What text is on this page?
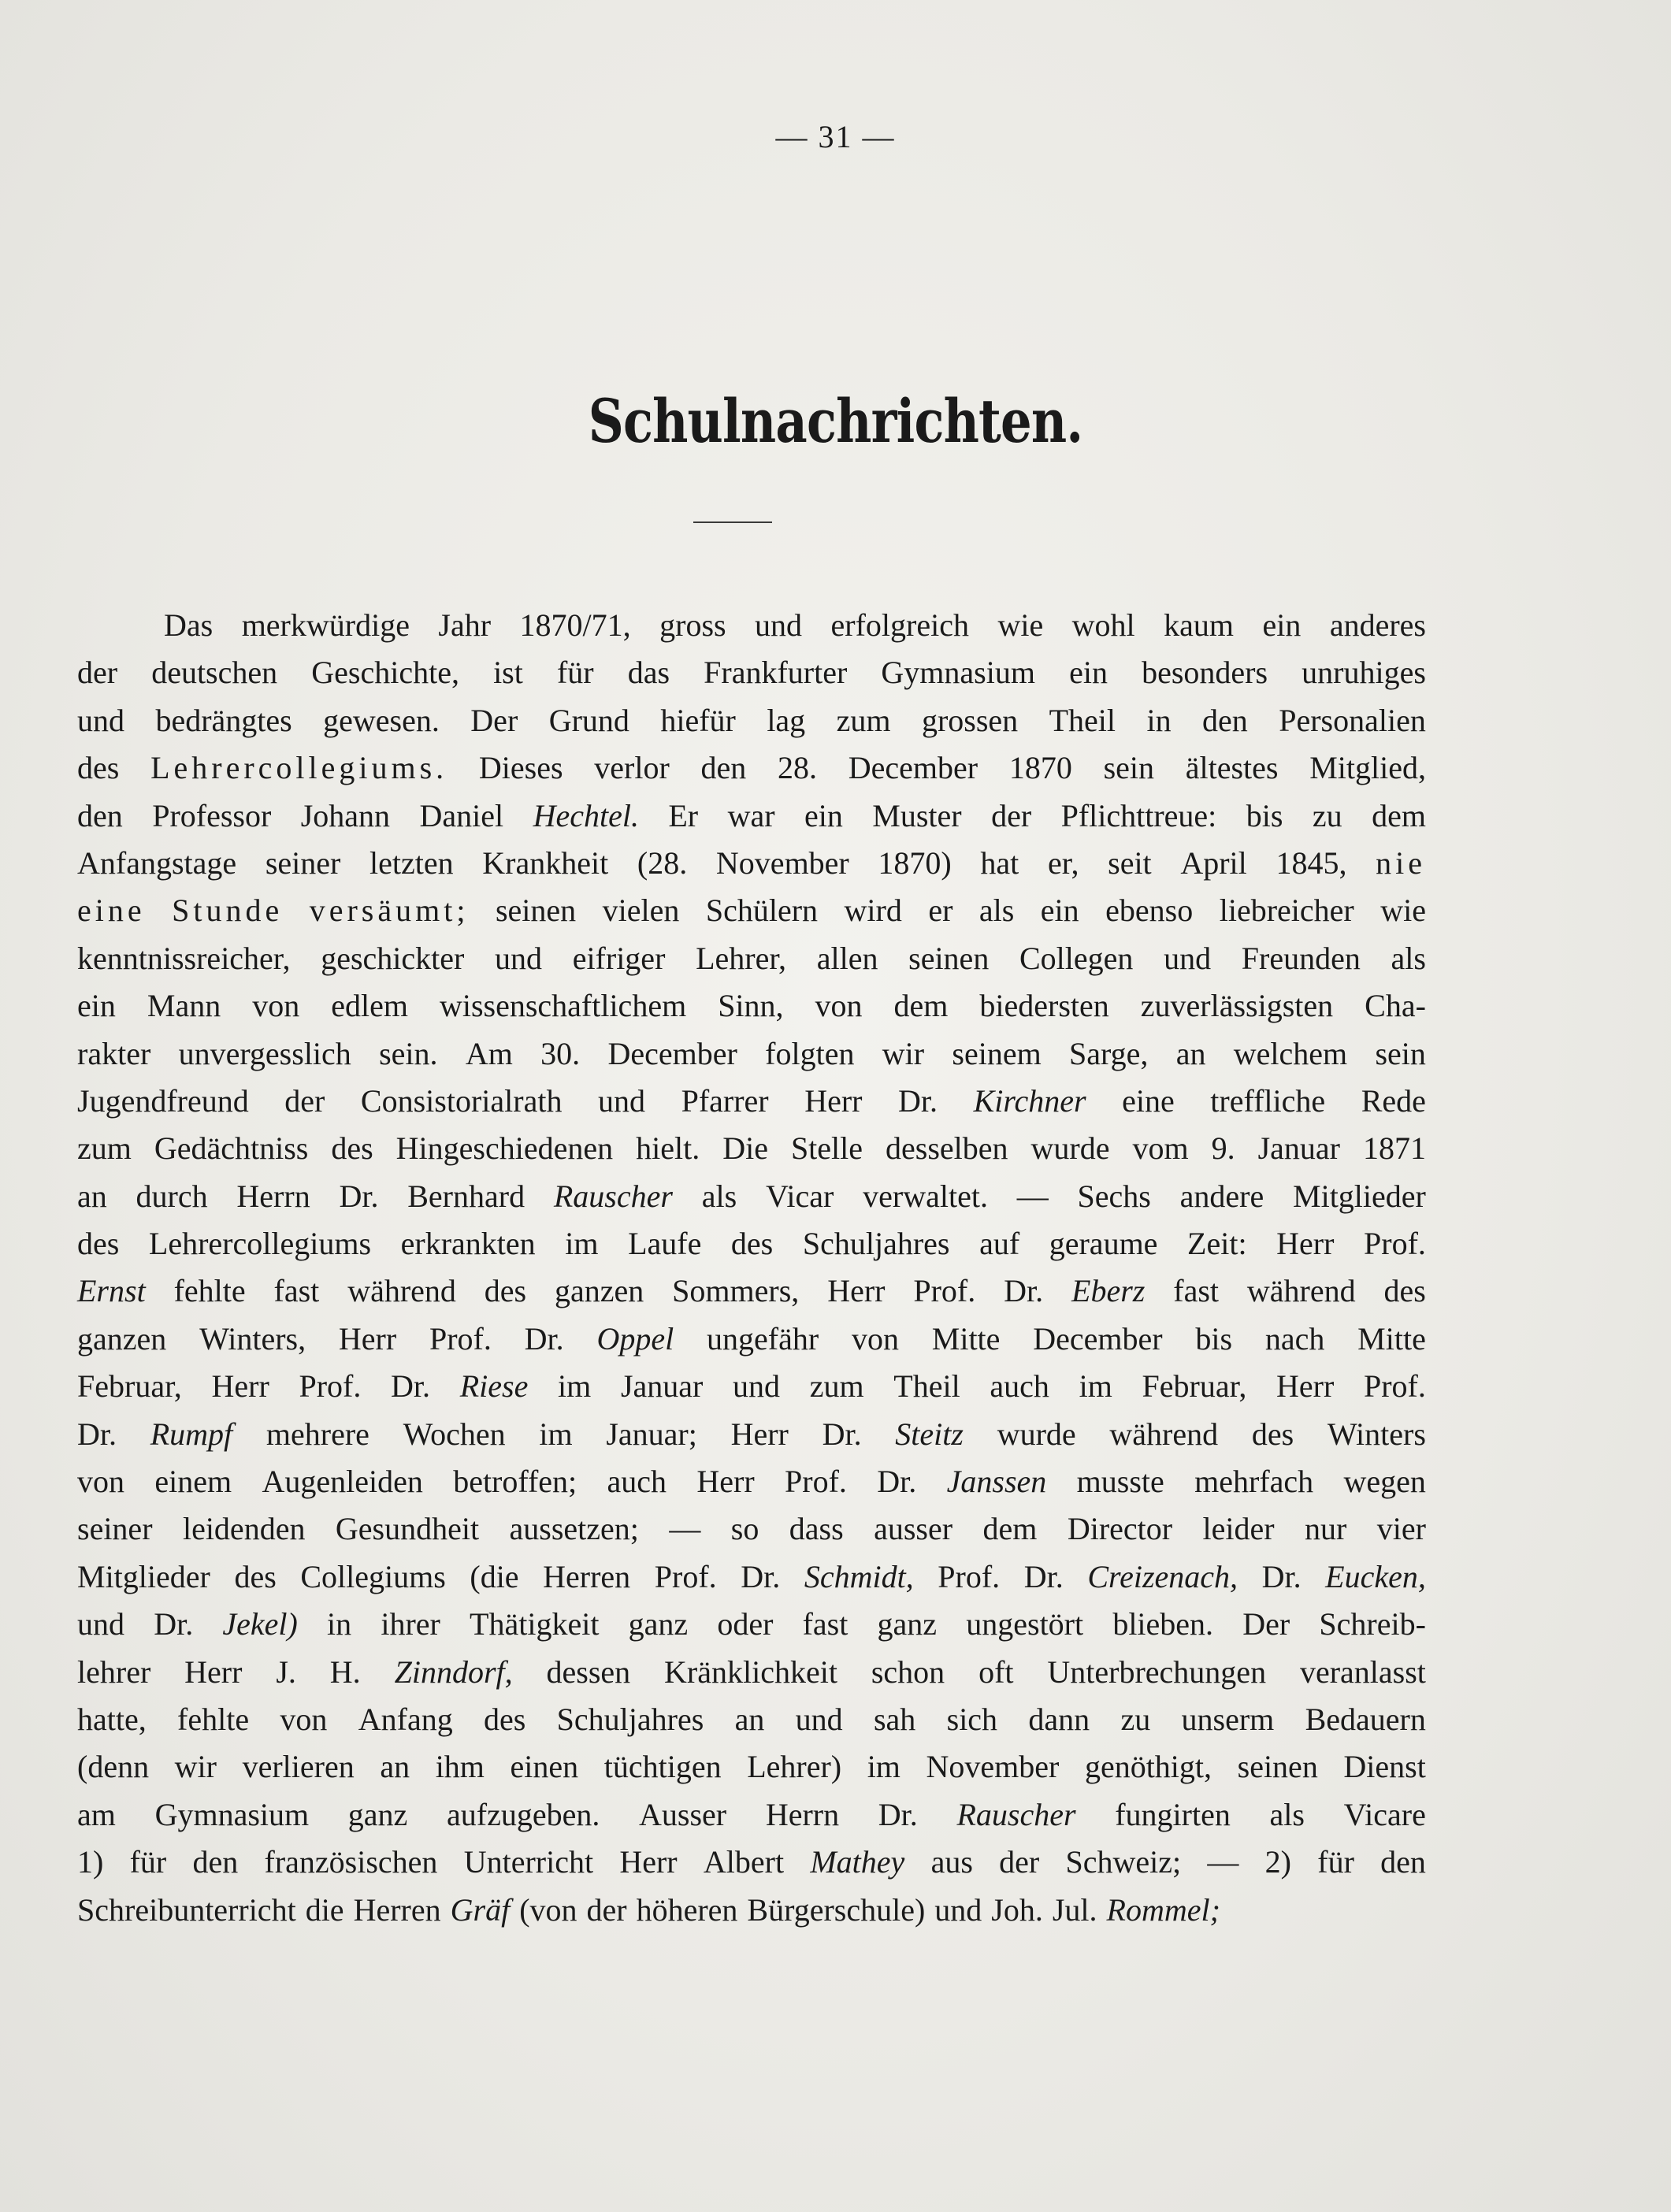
— 31 —
Schulnachrichten.
Das merkwürdige Jahr 1870/71, gross und erfolgreich wie wohl kaum ein anderes
der deutschen Geschichte, ist für das Frankfurter Gymnasium ein besonders unruhiges
und bedrängtes gewesen. Der Grund hiefür lag zum grossen Theil in den Personalien
des Lehrercollegiums. Dieses verlor den 28. December 1870 sein ältestes Mitglied,
den Professor Johann Daniel Hechtel. Er war ein Muster der Pflichttreue: bis zu dem
Anfangstage seiner letzten Krankheit (28. November 1870) hat er, seit April 1845, nie
eine Stunde versäumt; seinen vielen Schülern wird er als ein ebenso liebreicher wie
kenntnissreicher, geschickter und eifriger Lehrer, allen seinen Collegen und Freunden als
ein Mann von edlem wissenschaftlichem Sinn, von dem biedersten zuverlässigsten Cha-
rakter unvergesslich sein. Am 30. December folgten wir seinem Sarge, an welchem sein
Jugendfreund der Consistorialrath und Pfarrer Herr Dr. Kirchner eine treffliche Rede
zum Gedächtniss des Hingeschiedenen hielt. Die Stelle desselben wurde vom 9. Januar 1871
an durch Herrn Dr. Bernhard Rauscher als Vicar verwaltet. — Sechs andere Mitglieder
des Lehrercollegiums erkrankten im Laufe des Schuljahres auf geraume Zeit: Herr Prof.
Ernst fehlte fast während des ganzen Sommers, Herr Prof. Dr. Eberz fast während des
ganzen Winters, Herr Prof. Dr. Oppel ungefähr von Mitte December bis nach Mitte
Februar, Herr Prof. Dr. Riese im Januar und zum Theil auch im Februar, Herr Prof.
Dr. Rumpf mehrere Wochen im Januar; Herr Dr. Steitz wurde während des Winters
von einem Augenleiden betroffen; auch Herr Prof. Dr. Janssen musste mehrfach wegen
seiner leidenden Gesundheit aussetzen; — so dass ausser dem Director leider nur vier
Mitglieder des Collegiums (die Herren Prof. Dr. Schmidt, Prof. Dr. Creizenach, Dr. Eucken,
und Dr. Jekel) in ihrer Thätigkeit ganz oder fast ganz ungestört blieben. Der Schreib-
lehrer Herr J. H. Zinndorf, dessen Kränklichkeit schon oft Unterbrechungen veranlasst
hatte, fehlte von Anfang des Schuljahres an und sah sich dann zu unserm Bedauern
(denn wir verlieren an ihm einen tüchtigen Lehrer) im November genöthigt, seinen Dienst
am Gymnasium ganz aufzugeben. Ausser Herrn Dr. Rauscher fungirten als Vicare
1) für den französischen Unterricht Herr Albert Mathey aus der Schweiz; — 2) für den
Schreibunterricht die Herren Gräf (von der höheren Bürgerschule) und Joh. Jul. Rommel;
